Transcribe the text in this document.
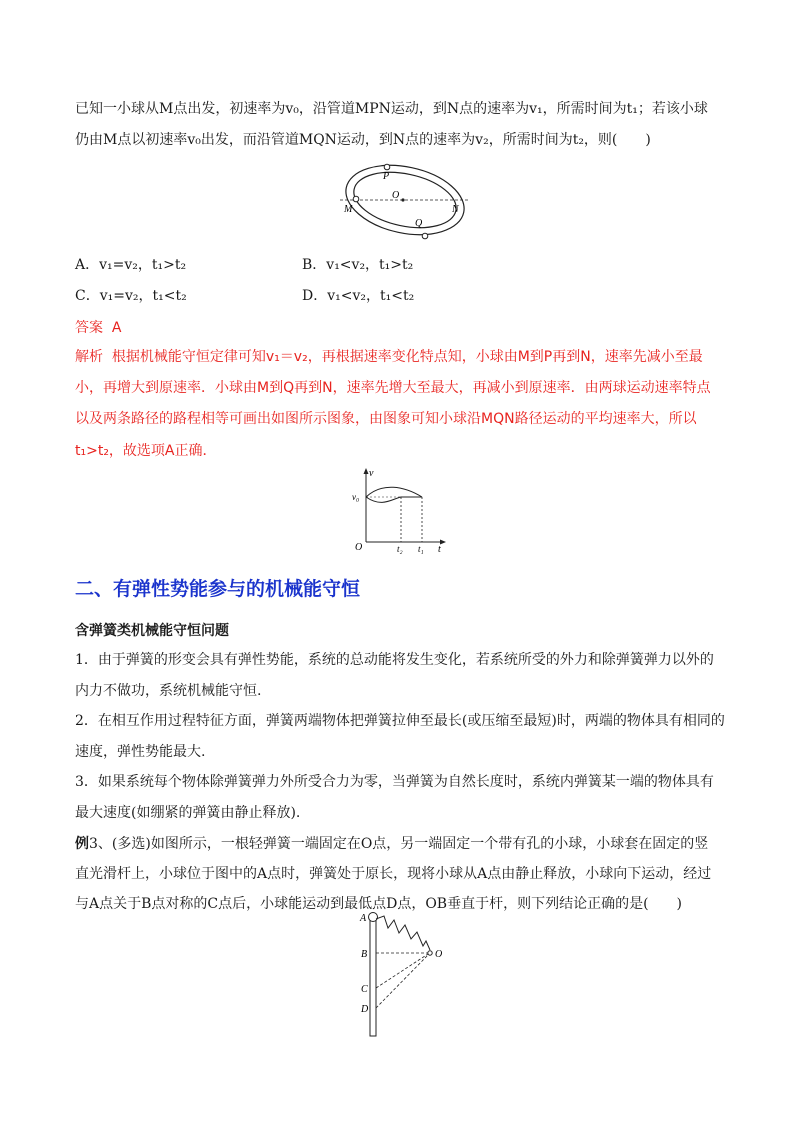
已知一小球从M点出发，初速率为v₀，沿管道MPN运动，到N点的速率为v₁，所需时间为t₁；若该小球
仍由M点以初速率v₀出发，而沿管道MQN运动，到N点的速率为v₂，所需时间为t₂，则(　　)
P
O
M	N
Q
A．v₁=v₂，t₁>t₂	B．v₁<v₂，t₁>t₂
C．v₁=v₂，t₁<t₂	D．v₁<v₂，t₁<t₂
答案 A
解析 根据机械能守恒定律可知v₁＝v₂，再根据速率变化特点知，小球由M到P再到N，速率先减小至最
小，再增大到原速率．小球由M到Q再到N，速率先增大至最大，再减小到原速率．由两球运动速率特点
以及两条路径的路程相等可画出如图所示图象，由图象可知小球沿MQN路径运动的平均速率大，所以
t₁>t₂，故选项A正确．
v
v₀
O	t₂ t₁ t
二、有弹性势能参与的机械能守恒
含弹簧类机械能守恒问题
1．由于弹簧的形变会具有弹性势能，系统的总动能将发生变化，若系统所受的外力和除弹簧弹力以外的
内力不做功，系统机械能守恒.
2．在相互作用过程特征方面，弹簧两端物体把弹簧拉伸至最长(或压缩至最短)时，两端的物体具有相同的
速度，弹性势能最大.
3．如果系统每个物体除弹簧弹力外所受合力为零，当弹簧为自然长度时，系统内弹簧某一端的物体具有
最大速度(如绷紧的弹簧由静止释放).
例3、(多选)如图所示，一根轻弹簧一端固定在O点，另一端固定一个带有孔的小球，小球套在固定的竖
直光滑杆上，小球位于图中的A点时，弹簧处于原长，现将小球从A点由静止释放，小球向下运动，经过
与A点关于B点对称的C点后，小球能运动到最低点D点，OB垂直于杆，则下列结论正确的是(　　)
A
B
C
D
O
